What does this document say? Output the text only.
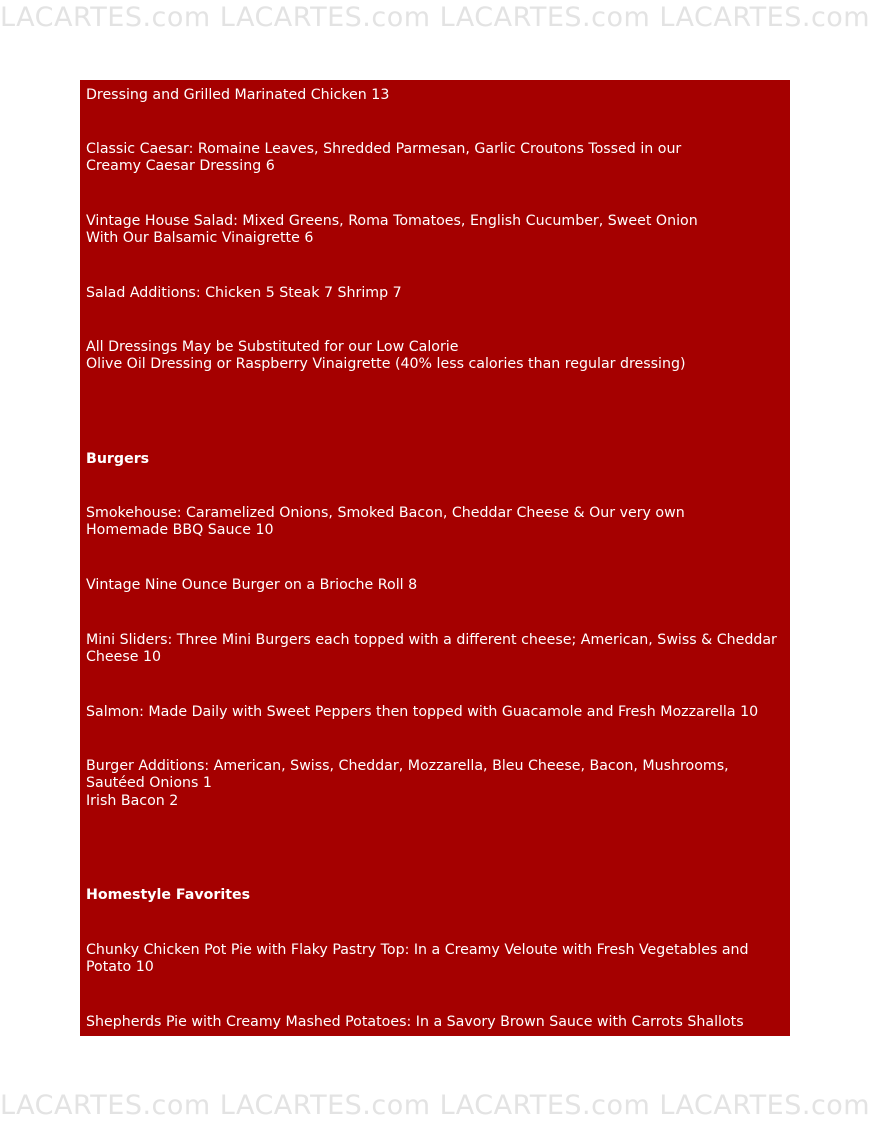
LACARTES.com LACARTES.com LACARTES.com LACARTES.com
Dressing and Grilled Marinated Chicken 13
Classic Caesar: Romaine Leaves, Shredded Parmesan, Garlic Croutons Tossed in our
Creamy Caesar Dressing 6
Vintage House Salad: Mixed Greens, Roma Tomatoes, English Cucumber, Sweet Onion
With Our Balsamic Vinaigrette 6
Salad Additions: Chicken 5 Steak 7 Shrimp 7
All Dressings May be Substituted for our Low Calorie
Olive Oil Dressing or Raspberry Vinaigrette (40% less calories than regular dressing)
Burgers
Smokehouse: Caramelized Onions, Smoked Bacon, Cheddar Cheese & Our very own
Homemade BBQ Sauce 10
Vintage Nine Ounce Burger on a Brioche Roll 8
Mini Sliders: Three Mini Burgers each topped with a different cheese; American, Swiss & Cheddar
Cheese 10
Salmon: Made Daily with Sweet Peppers then topped with Guacamole and Fresh Mozzarella 10
Burger Additions: American, Swiss, Cheddar, Mozzarella, Bleu Cheese, Bacon, Mushrooms,
Sautéed Onions 1
Irish Bacon 2
Homestyle Favorites
Chunky Chicken Pot Pie with Flaky Pastry Top: In a Creamy Veloute with Fresh Vegetables and
Potato 10
Shepherds Pie with Creamy Mashed Potatoes: In a Savory Brown Sauce with Carrots Shallots
LACARTES.com LACARTES.com LACARTES.com LACARTES.com
